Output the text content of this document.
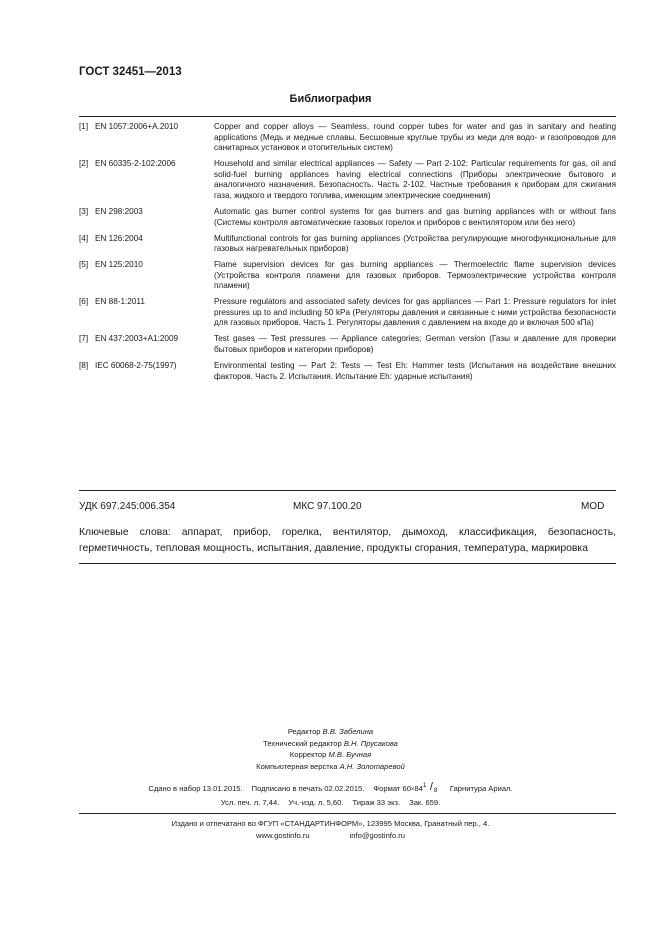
ГОСТ 32451—2013
Библиография
[1] EN 1057:2006+A.2010	Copper and copper alloys — Seamless, round copper tubes for water and gas in sanitary and heating applications (Медь и медные сплавы. Бесшовные круглые трубы из меди для водо- и газопроводов для санитарных установок и отопительных систем)
[2] EN 60335-2-102:2006	Household and similar electrical appliances — Safety — Part 2-102: Particular requirements for gas, oil and solid-fuel burning appliances having electrical connections (Приборы электрические бытового и аналогичного назначения. Безопасность. Часть 2-102. Частные требования к приборам для сжигания газа, жидкого и твердого топлива, имеющим электрические соединения)
[3] EN 298:2003	Automatic gas burner control systems for gas burners and gas burning appliances with or without fans (Системы контроля автоматические газовых горелок и приборов с вентилятором или без него)
[4] EN 126:2004	Multifunctional controls for gas burning appliances (Устройства регулирующие многофункциональные для газовых нагревательных приборов)
[5] EN 125:2010	Flame supervision devices for gas burning appliances — Thermoelectric flame supervision devices (Устройства контроля пламени для газовых приборов. Термоэлектрические устройства контроля пламени)
[6] EN 88-1:2011	Pressure regulators and associated safety devices for gas appliances — Part 1: Pressure regulators for inlet pressures up to and including 50 kPa (Регуляторы давления и связанные с ними устройства безопасности для газовых приборов. Часть 1. Регуляторы давления с давлением на входе до и включая 500 кПа)
[7] EN 437:2003+A1:2009	Test gases — Test pressures — Appliance categories; German version (Газы и давление для проверки бытовых приборов и категории приборов)
[8] IEC 60068-2-75(1997)	Environmental testing — Part 2: Tests — Test Eh: Hammer tests (Испытания на воздействие внешних факторов. Часть 2. Испытания. Испытание Eh: ударные испытания)
УДК 697.245:006.354	МКС 97.100.20	MOD
Ключевые слова: аппарат, прибор, горелка, вентилятор, дымоход, классификация, безопасность, герметичность, тепловая мощность, испытания, давление, продукты сгорания, температура, маркировка
Редактор В.В. Забелина
Технический редактор В.Н. Прусакова
Корректор М.В. Бучная
Компьютерная верстка А.Н. Золотаревой
Сдано в набор 13.01.2015. Подписано в печать 02.02.2015. Формат 60×84 1 / 8 Гарнитура Ариал.
Усл. печ. л. 7,44. Уч.-изд. л. 5,60. Тираж 33 экз. Зак. 659.
Издано и отпечатано во ФГУП «СТАНДАРТИНФОРМ», 123995 Москва, Гранатный пер., 4.
www.gostinfo.ru	info@gostinfo.ru
